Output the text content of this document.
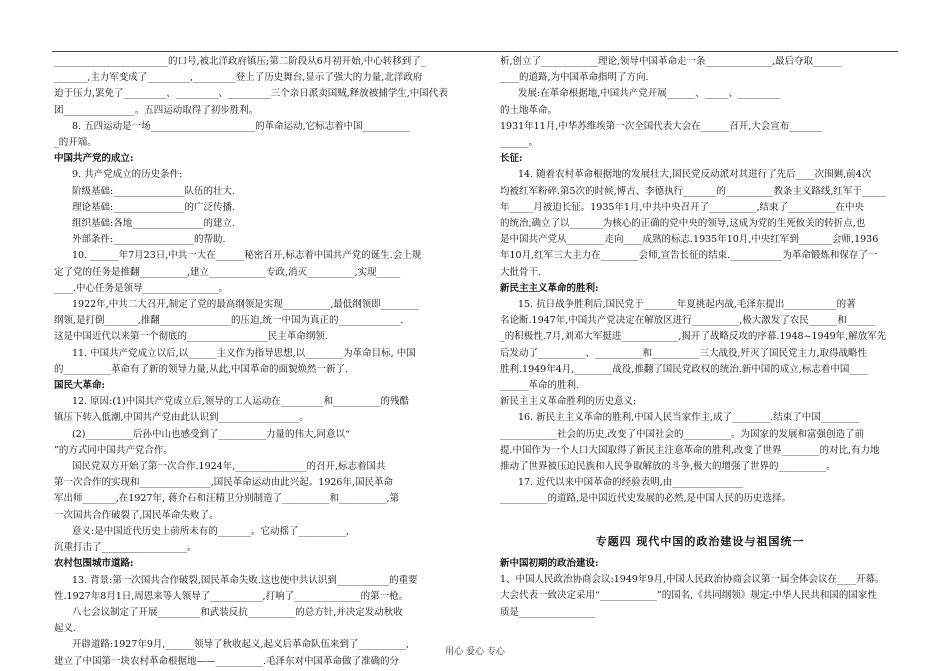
________________________的口号,被北洋政府镇压;第二阶段从6月初开始,中心转移到了_
_______,主力军变成了_________,_________登上了历史舞台,显示了强大的力量,北洋政府
迫于压力,罢免了_________、_________、_________三个亲日派卖国贼,释放被捕学生,中国代表
团_______________。五四运动取得了初步胜利。
8. 五四运动是一场______________________的革命运动,它标志着中国__________
_的开端。
中国共产党的成立:
9. 共产党成立的历史条件:
阶级基础:_______________队伍的壮大.
理论基础:_______________的广泛传播.
组织基础:各地_______________的建立.
外部条件:_________________的帮助.
10. ______年7月23日,中共一大在______秘密召开,标志着中国共产党的诞生.会上规
定了党的任务是推翻__________,建立____________专政,消灭__________,实现_____
____.中心任务是领导________________。
1922年,中共二大召开,制定了党的最高纲领是实现__________,最低纲领即________
纲领,是打倒_______,推翻_______________的压迫,统一中国为真正的_____________.
这是中国近代以来第一个彻底的_________________民主革命纲领.
11. 中国共产党成立以后,以______主义作为指导思想,以________为革命目标, 中国
的__________革命有了新的领导力量,从此,中国革命的面貌焕然一新了.
国民大革命:
12. 原因:(1)中国共产党成立后,领导的工人运动在_________和__________的残酷
镇压下转入低潮,中国共产党由此认识到_________________。
(2)__________后孙中山也感受到了__________力量的伟大,同意以“
”的方式同中国共产党合作。
国民党双方开始了第一次合作.1924年,_______________的召开,标志着国共
第一次合作的实现和_______________,国民革命运动由此兴起。1926年,国民革命
军出师_______,在1927年, 蒋介石和汪精卫分别制造了__________和__________,第
一次国共合作破裂了,国民革命失败了。
意义:是中国近代历史上前所未有的_______。它动摇了__________,
沉重打击了__________________。
农村包围城市道路:
13. 背景:第一次国共合作破裂,国民革命失败.这也使中共认识到___________的重要
性.1927年8月1日,周恩来等人领导了___________,打响了______________的第一枪。
八七会议制定了开展_________和武装反抗__________的总方针,并决定发动秋收
起义.
开辟道路:1927年9月,______领导了秋收起义,起义后革命队伍来到了__________,
建立了中国第一块农村革命根据地——__________.毛泽东对中国革命做了准确的分
析,创立了____________理论,领导中国革命走一条______________,最后夺取______
____的道路,为中国革命指明了方向.
发展:在革命根据地,中国共产党开展______、_____、_________
的土地革命。
1931年11月,中华苏维埃第一次全国代表大会在______召开,大会宣布_______
______。
长征:
14. 随着农村革命根据地的发展壮大,国民党反动派对其进行了先后____次围剿,前4次
均被红军粉碎.第5次的时候,博古、李德执行_______的__________教条主义路线,红军于_____
年_____月被迫长征。1935年1月,中共中央召开了__________,结束了__________在中央
的统治,确立了以_______为核心的正确的党中央的领导,这成为党的生死攸关的转折点,也
是中国共产党从________走向____成熟的标志.1935年10月,中央红军到_______会师,1936
年10月,红军三大主力在________会师,宣告长征的结束.___________为革命锻炼和保存了一
大批骨干.
新民主主义革命的胜利:
15. 抗日战争胜利后,国民党于_______年夏挑起内战,毛泽东提出___________的著
名论断.1947年,中国共产党决定在解放区进行__________,极大激发了农民______和______
_的积极性.7月,刘邓大军挺进____________,揭开了战略反攻的序幕.1948~1949年,解放军先
后发动了__________、__________和__________三大战役,歼灭了国民党主力,取得战略性
胜利.1949年4月,________战役,推翻了国民党政权的统治.新中国的成立,标志着中国____
______革命的胜利.
新民主主义革命胜利的历史意义:
16. 新民主主义革命的胜利,中国人民当家作主,成了________.结束了中国________
____________社会的历史,改变了中国社会的__________。为国家的发展和富强创造了前
提.中国作为一个人口大国取得了新民主注意革命的胜利,改变了世界________的对比,有力地
推动了世界被压迫民族和人民争取解放的斗争,极大的增强了世界的__________。
17. 近代以来中国革命的经验表明,由_______________
__________的道路,是中国近代史发展的必然,是中国人民的历史选择。
专题四 现代中国的政治建设与祖国统一
新中国初期的政治建设:
1、中国人民政治协商会议:1949年9月,中国人民政治协商会议第一届全体会议在____开幕。
大会代表一致决定采用“____________”的国名,《共同纲领》规定:中华人民共和国的国家性
质是________________
用心 爱心 专心
